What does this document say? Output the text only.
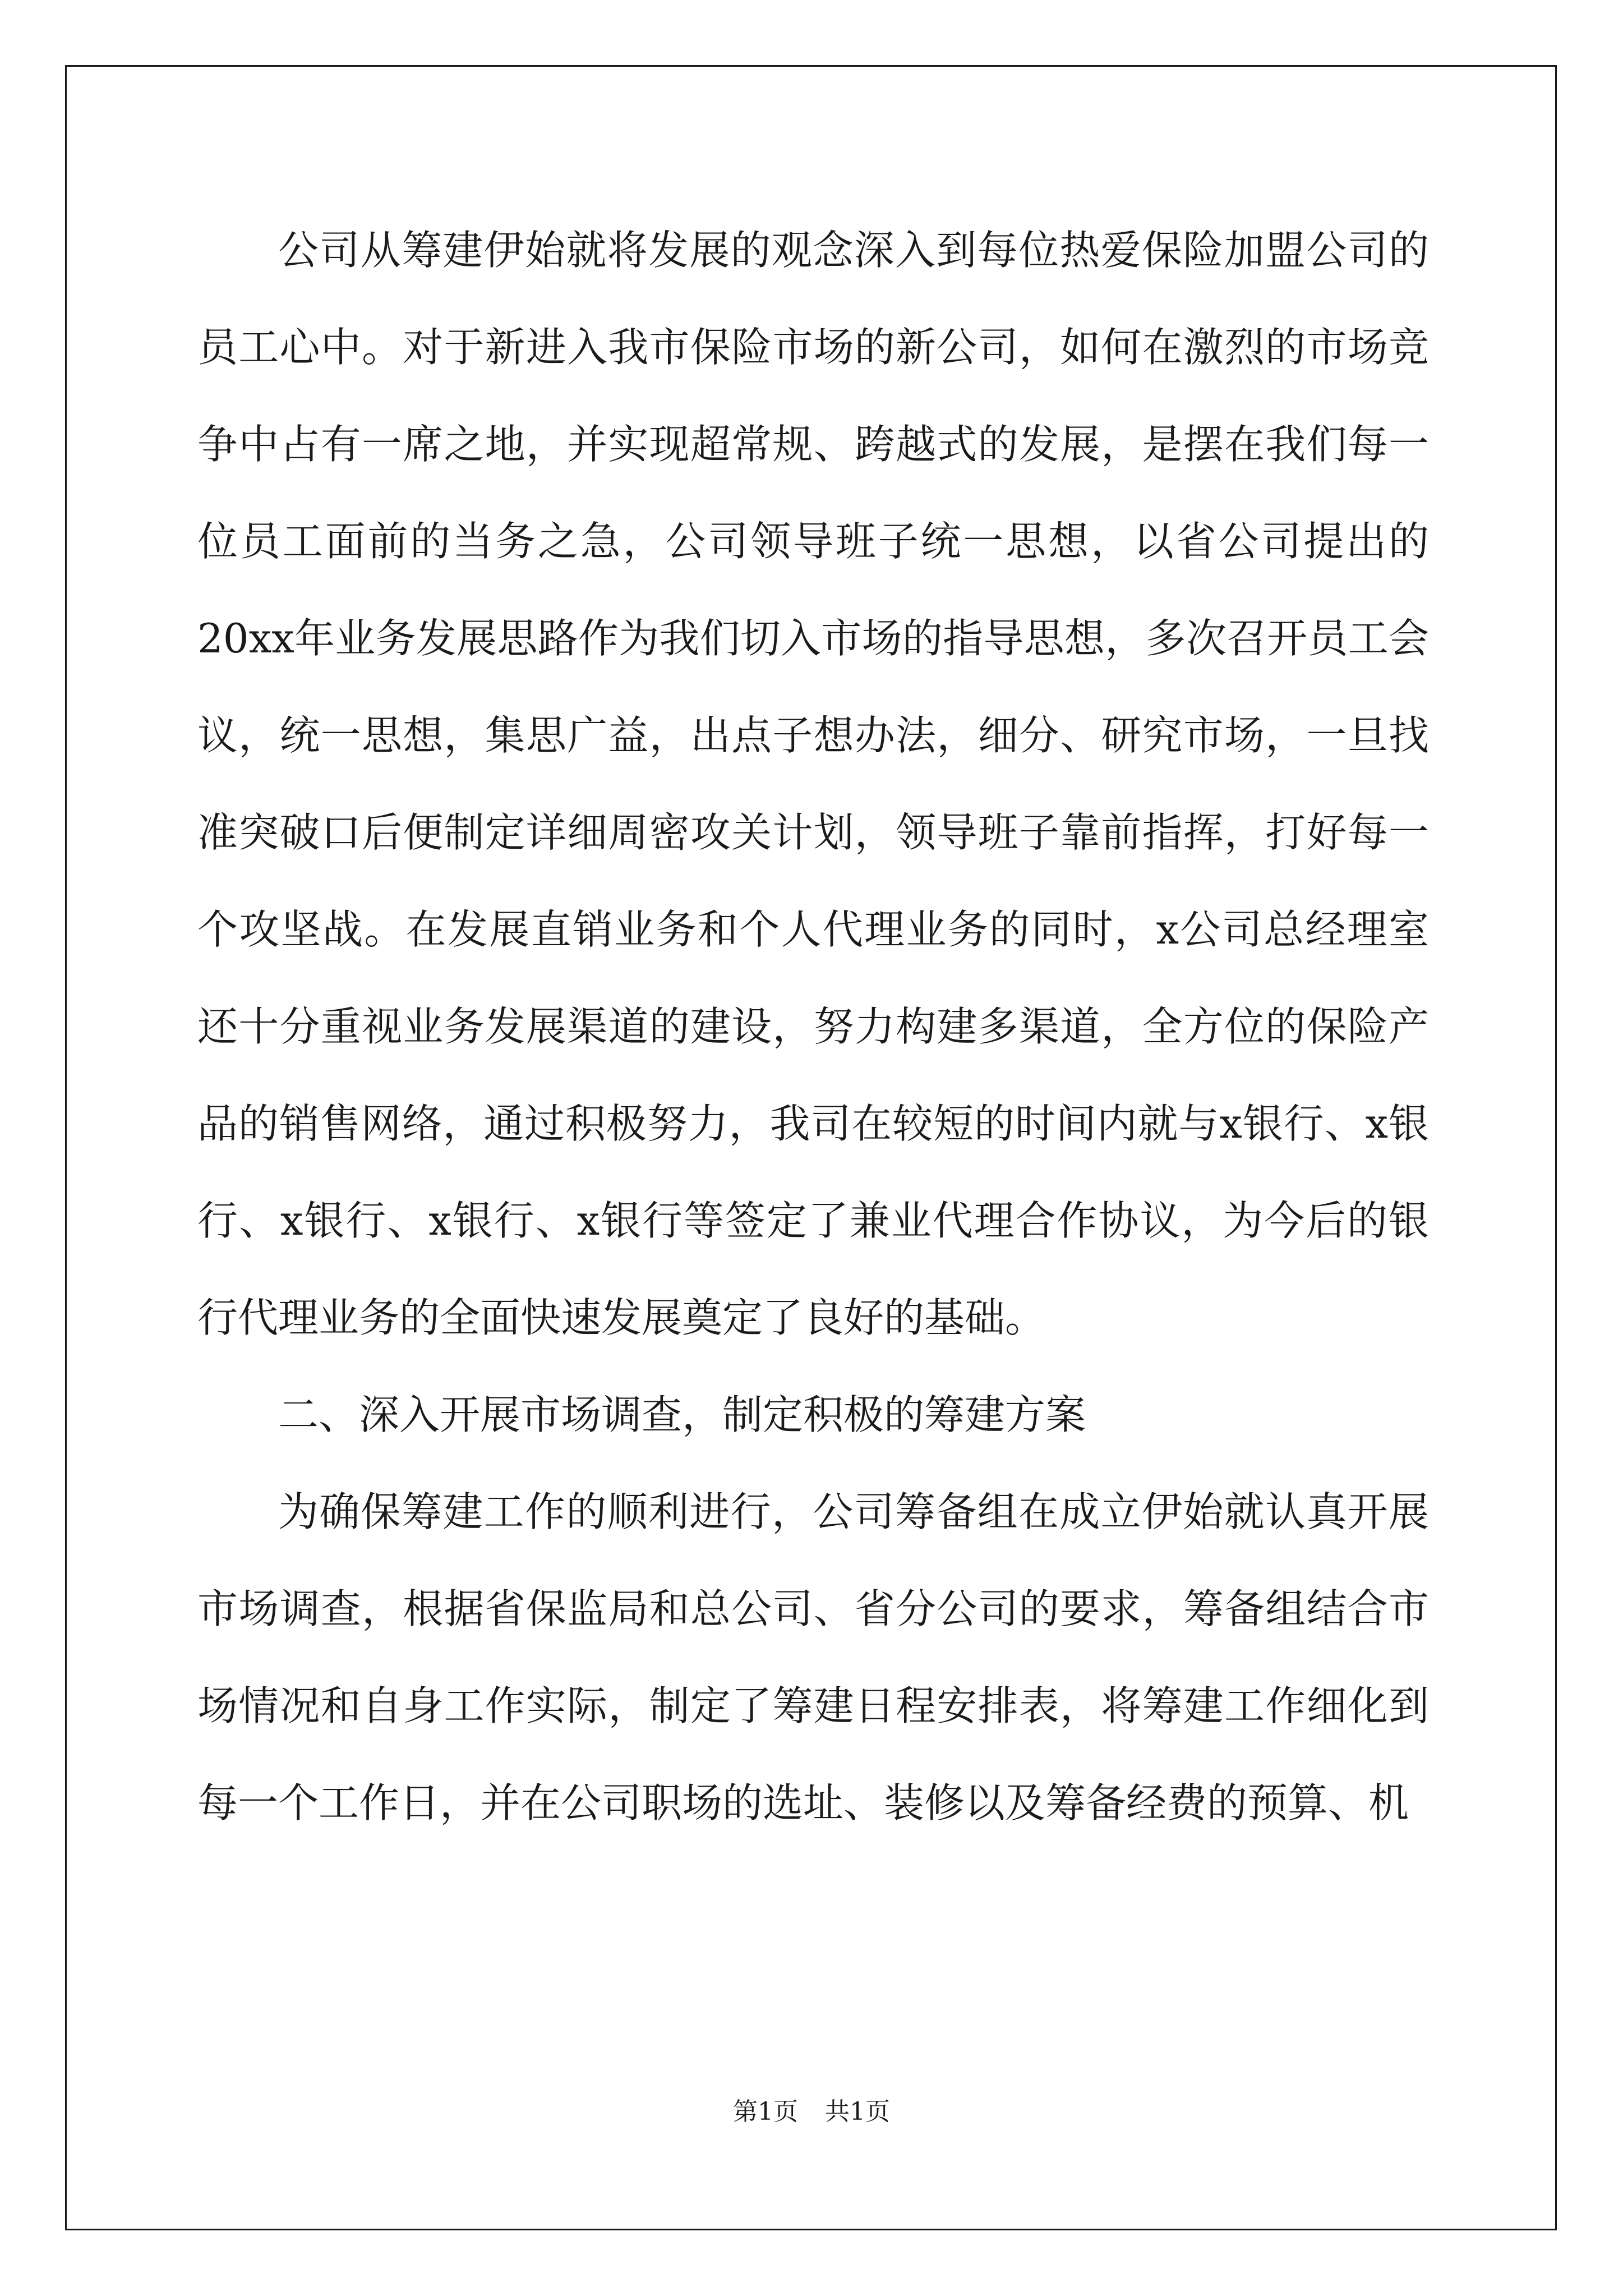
公司从筹建伊始就将发展的观念深入到每位热爱保险加盟公司的员工心中。对于新进入我市保险市场的新公司，如何在激烈的市场竞争中占有一席之地，并实现超常规、跨越式的发展，是摆在我们每一位员工面前的当务之急，公司领导班子统一思想，以省公司提出的20xx年业务发展思路作为我们切入市场的指导思想，多次召开员工会议，统一思想，集思广益，出点子想办法，细分、研究市场，一旦找准突破口后便制定详细周密攻关计划，领导班子靠前指挥，打好每一个攻坚战。在发展直销业务和个人代理业务的同时，x公司总经理室还十分重视业务发展渠道的建设，努力构建多渠道，全方位的保险产品的销售网络，通过积极努力，我司在较短的时间内就与x银行、x银行、x银行、x银行、x银行等签定了兼业代理合作协议，为今后的银行代理业务的全面快速发展奠定了良好的基础。

二、深入开展市场调查，制定积极的筹建方案

为确保筹建工作的顺利进行，公司筹备组在成立伊始就认真开展市场调查，根据省保监局和总公司、省分公司的要求，筹备组结合市场情况和自身工作实际，制定了筹建日程安排表，将筹建工作细化到每一个工作日，并在公司职场的选址、装修以及筹备经费的预算、机

第1页 共1页
